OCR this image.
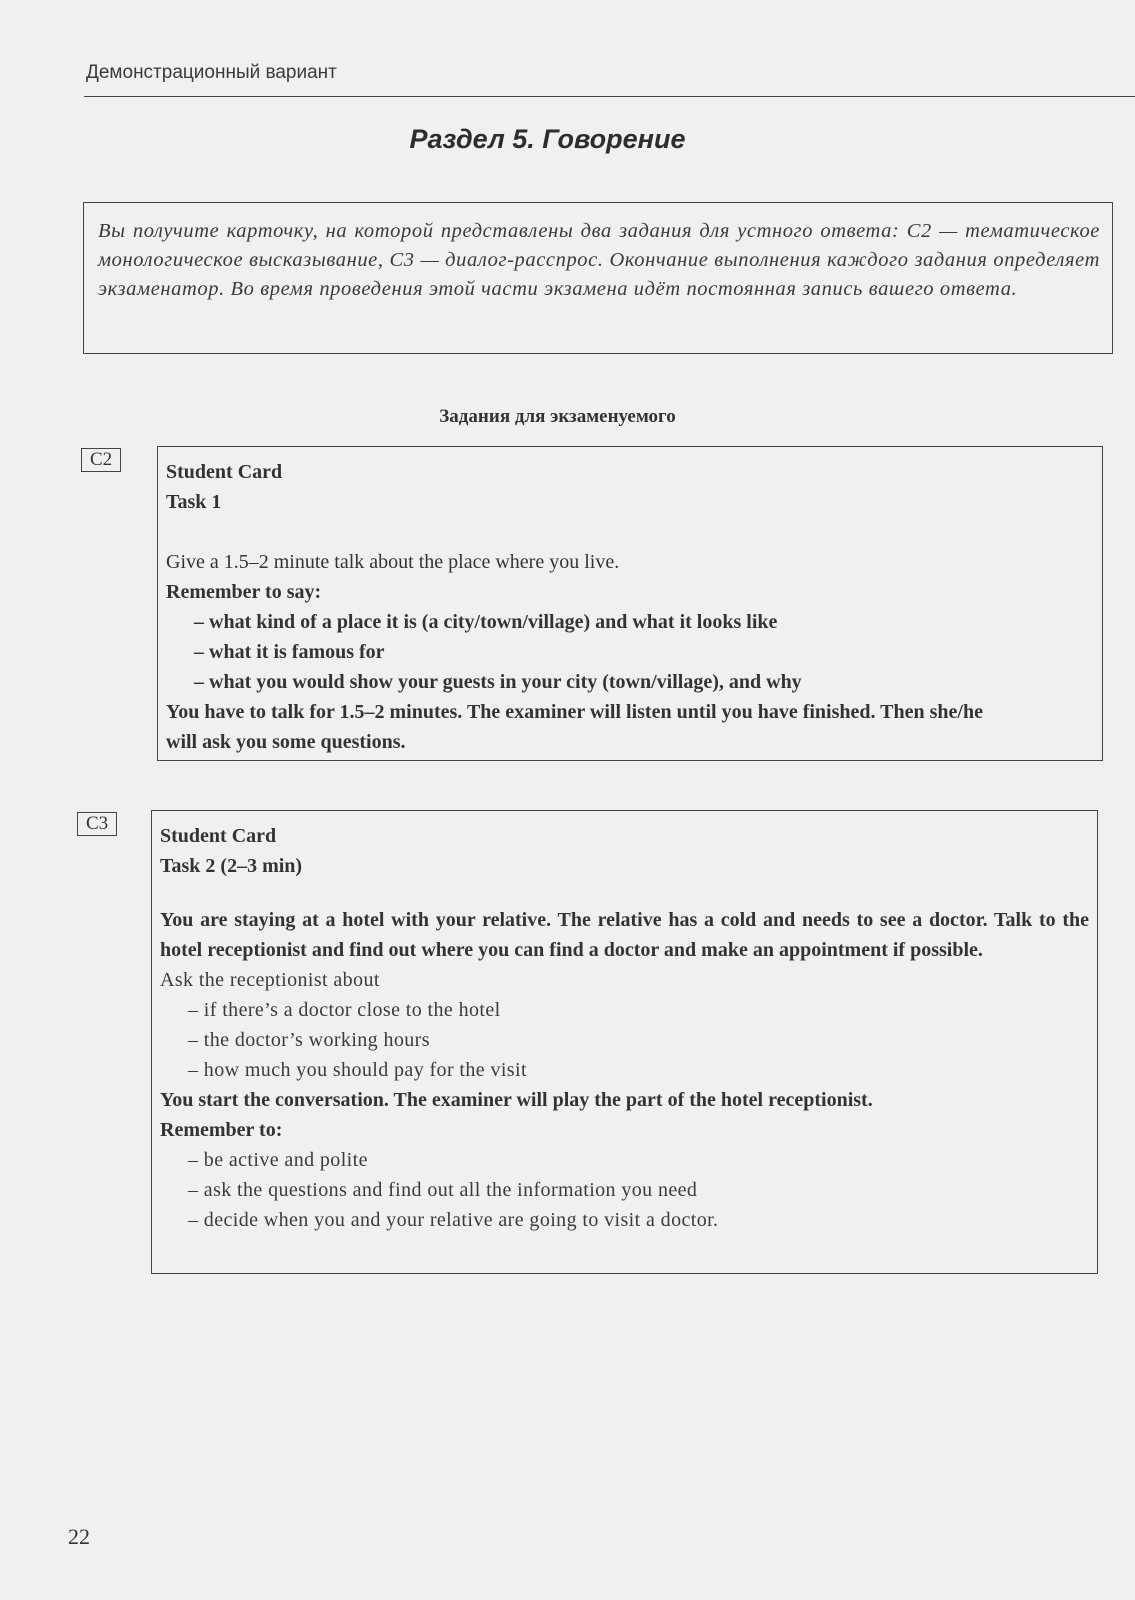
Демонстрационный вариант
Раздел 5. Говорение

Вы получите карточку, на которой представлены два задания для устного ответа: С2 — тематическое монологическое высказывание, С3 — диалог-расспрос. Окончание выполнения каждого задания определяет экзаменатор. Во время проведения этой части экзамена идёт постоянная запись вашего ответа.

Задания для экзаменуемого
C2
Student Card
Task 1

Give a 1.5–2 minute talk about the place where you live.

Remember to say:

– what kind of a place it is (a city/town/village) and what it looks like
– what it is famous for
– what you would show your guests in your city (town/village), and why

You have to talk for 1.5–2 minutes. The examiner will listen until you have finished. Then she/he will ask you some questions.

C3
Student Card
Task 2 (2–3 min)

You are staying at a hotel with your relative. The relative has a cold and needs to see a doctor. Talk to the hotel receptionist and find out where you can find a doctor and make an appointment if possible.

Ask the receptionist about

– if there’s a doctor close to the hotel
– the doctor’s working hours
– how much you should pay for the visit

You start the conversation. The examiner will play the part of the hotel receptionist.

Remember to:

– be active and polite
– ask the questions and find out all the information you need
– decide when you and your relative are going to visit a doctor.
22
